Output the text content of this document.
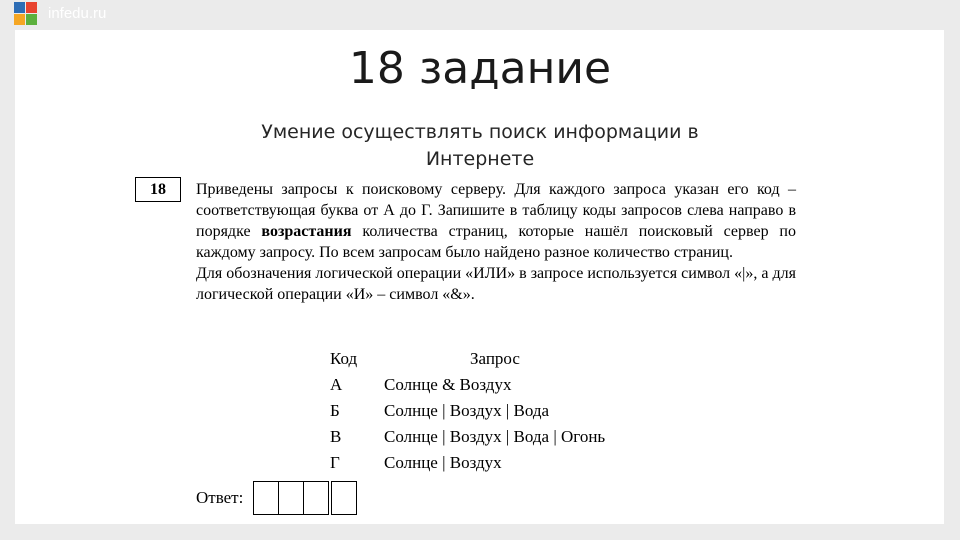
infedu.ru
18 задание
Умение осуществлять поиск информации в Интернете
18	Приведены запросы к поисковому серверу. Для каждого запроса указан его код – соответствующая буква от А до Г. Запишите в таблицу коды запросов слева направо в порядке возрастания количества страниц, которые нашёл поисковый сервер по каждому запросу. По всем запросам было найдено разное количество страниц.

Для обозначения логической операции «ИЛИ» в запросе используется символ «|», а для логической операции «И» – символ «&».

Код	Запрос
А	Солнце & Воздух
Б	Солнце | Воздух | Вода
В	Солнце | Воздух | Вода | Огонь
Г	Солнце | Воздух
Ответ:
